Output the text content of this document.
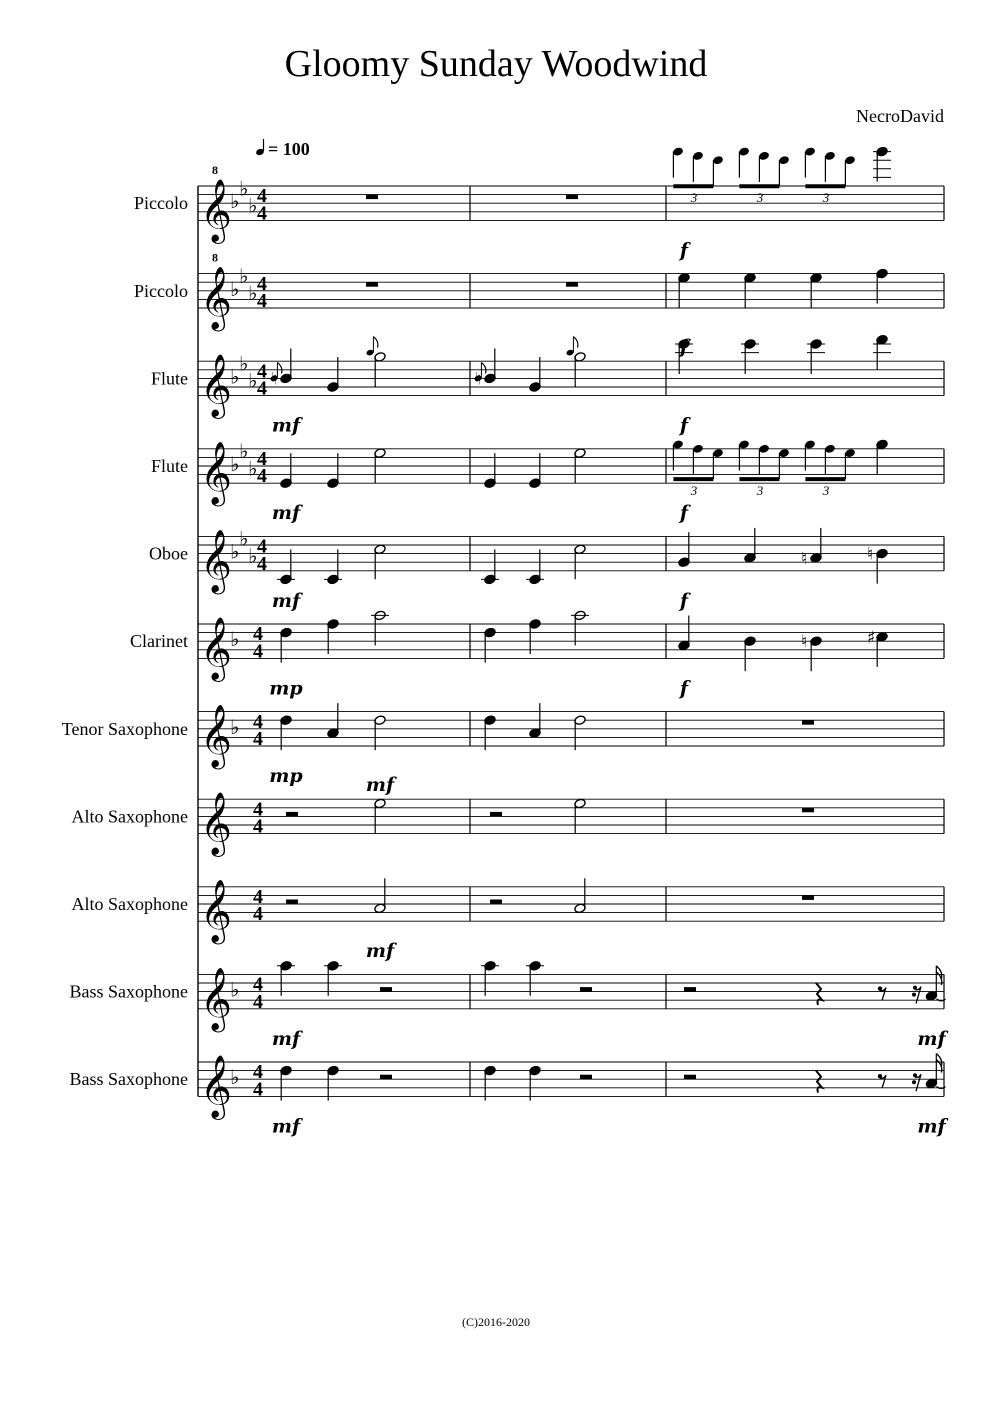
Gloomy Sunday Woodwind
NecroDavid
= 100
Piccolo 𝄞
8
♭
♭
♭ 4
4
3	3	3
f
Piccolo 𝄞
8
♭
♭
♭ 4
4
Flute 𝄞
♭
♭
♭ 4
4
mf	f
f
Flute 𝄞
♭
♭
♭ 4
4
3	3	3
mf	f
Oboe 𝄞
♭
♭
♭ 4
4	♮	♮
mf	f
Clarinet 𝄞
♭ 4
4	♮	♯
mp	f
Tenor Saxophone 𝄞
♭ 4
4
mp
Alto Saxophone 𝄞 4
4
mf
Alto Saxophone 𝄞 4
4
mf
Bass Saxophone 𝄞
♭ 4
4
mf	mf
Bass Saxophone 𝄞
♭ 4
4
mf	mf
(C)2016-2020
